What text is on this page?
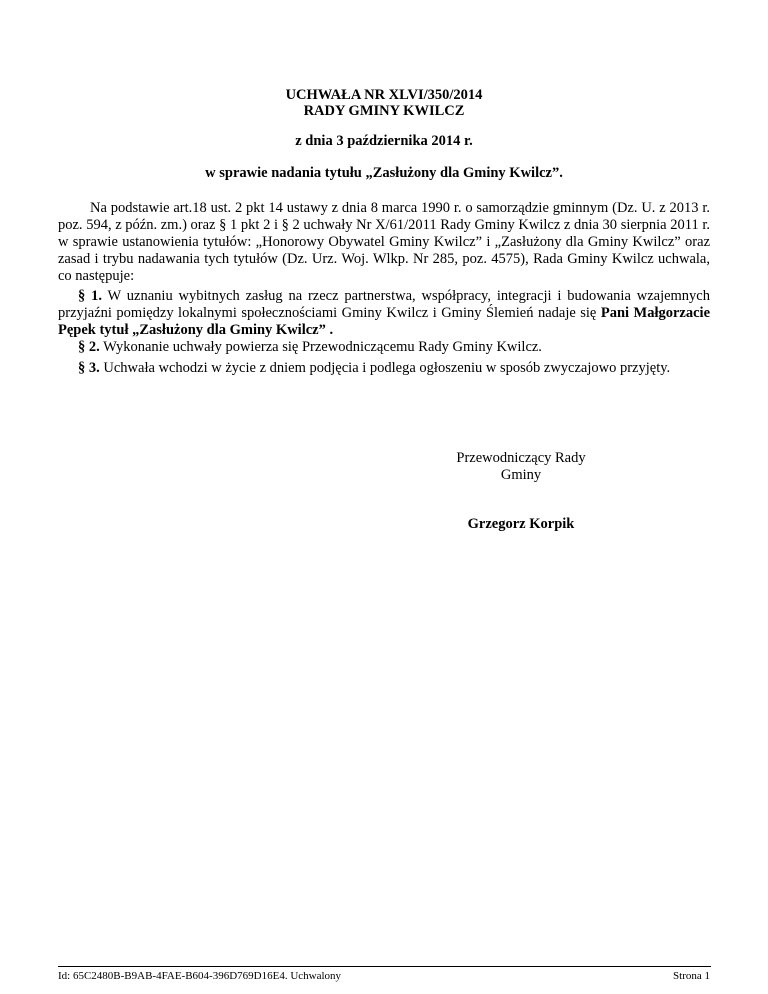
UCHWAŁA NR XLVI/350/2014
RADY GMINY KWILCZ
z dnia 3 października 2014 r.
w sprawie nadania tytułu „Zasłużony dla Gminy Kwilcz”.
Na podstawie art.18 ust. 2 pkt 14 ustawy z dnia 8 marca 1990 r. o samorządzie gminnym (Dz. U. z 2013 r. poz. 594, z późn. zm.) oraz § 1 pkt 2 i § 2 uchwały Nr X/61/2011 Rady Gminy Kwilcz z dnia 30 sierpnia 2011 r. w sprawie ustanowienia tytułów: „Honorowy Obywatel Gminy Kwilcz” i „Zasłużony dla Gminy Kwilcz” oraz zasad i trybu nadawania tych tytułów (Dz. Urz. Woj. Wlkp. Nr 285, poz. 4575), Rada Gminy Kwilcz uchwala, co następuje:
§ 1. W uznaniu wybitnych zasług na rzecz partnerstwa, współpracy, integracji i budowania wzajemnych przyjaźni pomiędzy lokalnymi społecznościami Gminy Kwilcz i Gminy Ślemień nadaje się Pani Małgorzacie Pępek tytuł „Zasłużony dla Gminy Kwilcz” .
§ 2. Wykonanie uchwały powierza się Przewodniczącemu Rady Gminy Kwilcz.
§ 3. Uchwała wchodzi w życie z dniem podjęcia i podlega ogłoszeniu w sposób zwyczajowo przyjęty.
Przewodniczący Rady
Gminy
Grzegorz Korpik
Id: 65C2480B-B9AB-4FAE-B604-396D769D16E4. Uchwalony	Strona 1
